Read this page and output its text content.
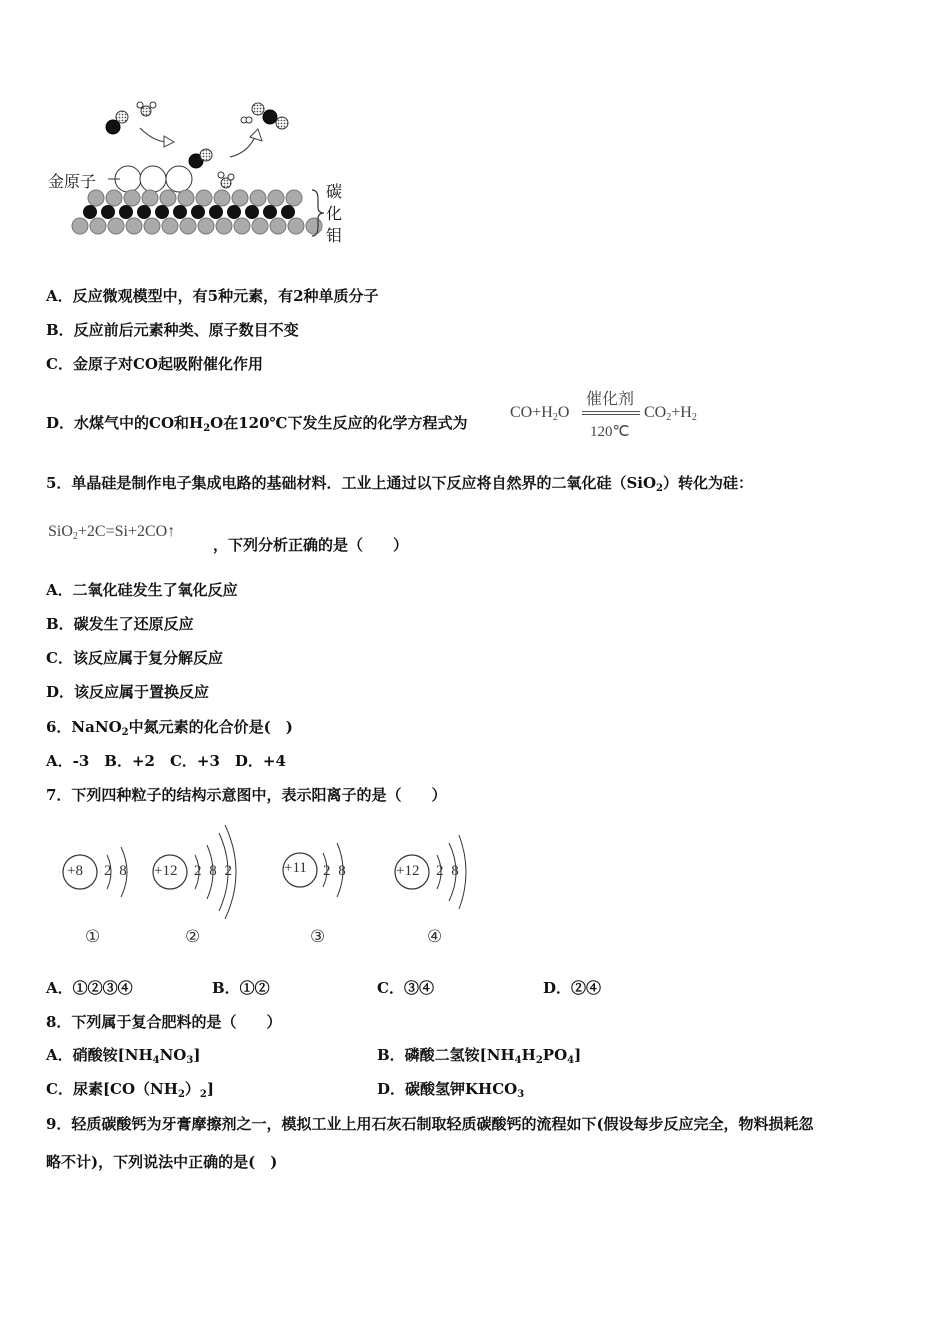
金原子
碳
化
钼
A．反应微观模型中，有5种元素，有2种单质分子
B．反应前后元素种类、原子数目不变
C．金原子对CO起吸附催化作用
D．水煤气中的CO和$H_2O$在120℃下发生反应的化学方程式为
$CO+H_2O$
催化剂
120℃
$CO_2+H_2$
5．单晶硅是制作电子集成电路的基础材料．工业上通过以下反应将自然界的二氧化硅（SiO$_2$）转化为硅：
SiO$_2$+2C=Si+2CO↑
，下列分析正确的是（　　）
A．二氧化硅发生了氧化反应
B．碳发生了还原反应
C．该反应属于复分解反应
D．该反应属于置换反应
6．NaNO$_2$中氮元素的化合价是(　)
A．-3　B．+2　C．+3　D．+4
7．下列四种粒子的结构示意图中，表示阳离子的是（　　）
+8 2 8
①
+12 2 8 2
②
+11 2 8
③
+12 2 8
④
A．①②③④	B．①②	C．③④	D．②④
8．下列属于复合肥料的是（　　）
A．硝酸铵$[NH_4NO_3]$	B．磷酸二氢铵$[NH_4H_2PO_4]$
C．尿素$[CO(NH_2)_2]$	D．碳酸氢钾$KHCO_3$
9．轻质碳酸钙为牙膏摩擦剂之一，模拟工业上用石灰石制取轻质碳酸钙的流程如下(假设每步反应完全，物料损耗忽
略不计)，下列说法中正确的是(　)
